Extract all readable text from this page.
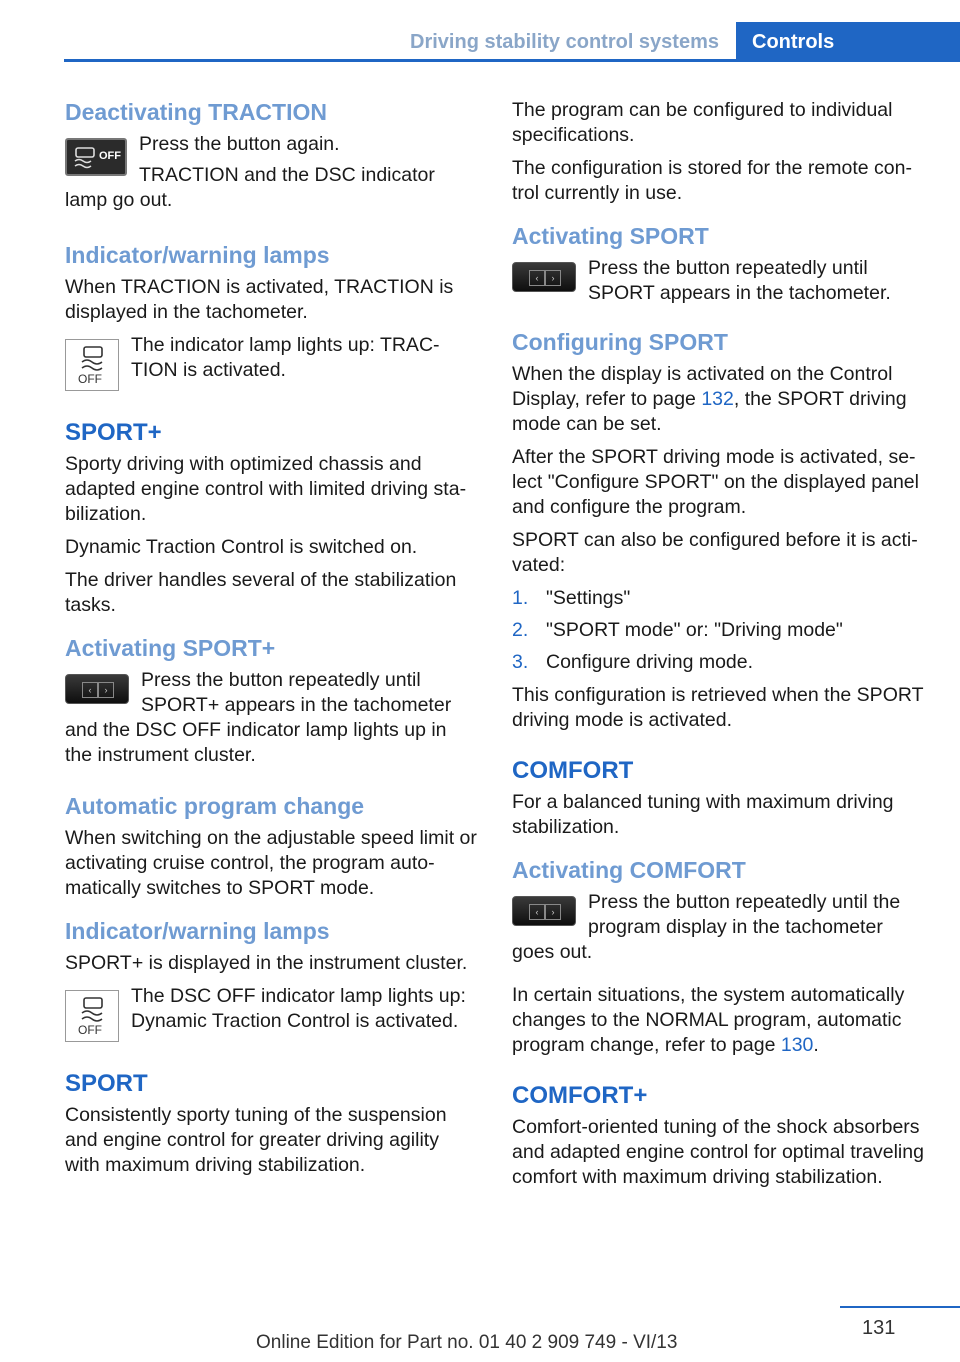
Driving stability control systems	Controls
Deactivating TRACTION
OFF

Press the button again.

TRACTION and the DSC indicator lamp go out.

Indicator/warning lamps

When TRACTION is activated, TRACTION is displayed in the tachometer.

OFF

The indicator lamp lights up: TRACTION is activated.

SPORT+

Sporty driving with optimized chassis and adapted engine control with limited driving stabilization.

Dynamic Traction Control is switched on.

The driver handles several of the stabilization tasks.

Activating SPORT+
‹	›	Press the button repeatedly until SPORT+ appears in the tachometer and the DSC OFF indicator lamp lights up in the instrument cluster.

Automatic program change

When switching on the adjustable speed limit or activating cruise control, the program automatically switches to SPORT mode.

Indicator/warning lamps

SPORT+ is displayed in the instrument cluster.

OFF

The DSC OFF indicator lamp lights up: Dynamic Traction Control is activated.

SPORT

Consistently sporty tuning of the suspension and engine control for greater driving agility with maximum driving stabilization.

The program can be configured to individual specifications.

The configuration is stored for the remote control currently in use.

Activating SPORT
‹	›	Press the button repeatedly until SPORT appears in the tachometer.

Configuring SPORT

When the display is activated on the Control Display, refer to page 132, the SPORT driving mode can be set.

After the SPORT driving mode is activated, select "Configure SPORT" on the displayed panel and configure the program.

SPORT can also be configured before it is activated:

1. "Settings"
2. "SPORT mode" or: "Driving mode"
3. Configure driving mode.

This configuration is retrieved when the SPORT driving mode is activated.

COMFORT

For a balanced tuning with maximum driving stabilization.

Activating COMFORT
‹	›	Press the button repeatedly until the program display in the tachometer goes out.

In certain situations, the system automatically changes to the NORMAL program, automatic program change, refer to page 130.

COMFORT+

Comfort-oriented tuning of the shock absorbers and adapted engine control for optimal traveling comfort with maximum driving stabilization.

131
Online Edition for Part no. 01 40 2 909 749 - VI/13
